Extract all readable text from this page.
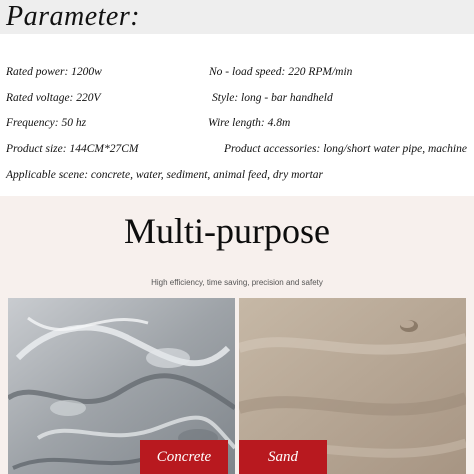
Parameter:
Rated power: 1200w	No - load speed: 220 RPM/min
Rated voltage: 220V	Style: long - bar handheld
Frequency: 50 hz	Wire length: 4.8m
Product size: 144CM*27CM	Product accessories: long/short water pipe, machine
Applicable scene: concrete, water, sediment, animal feed, dry mortar
Multi-purpose
High efficiency, time saving, precision and safety
Concrete	Sand
